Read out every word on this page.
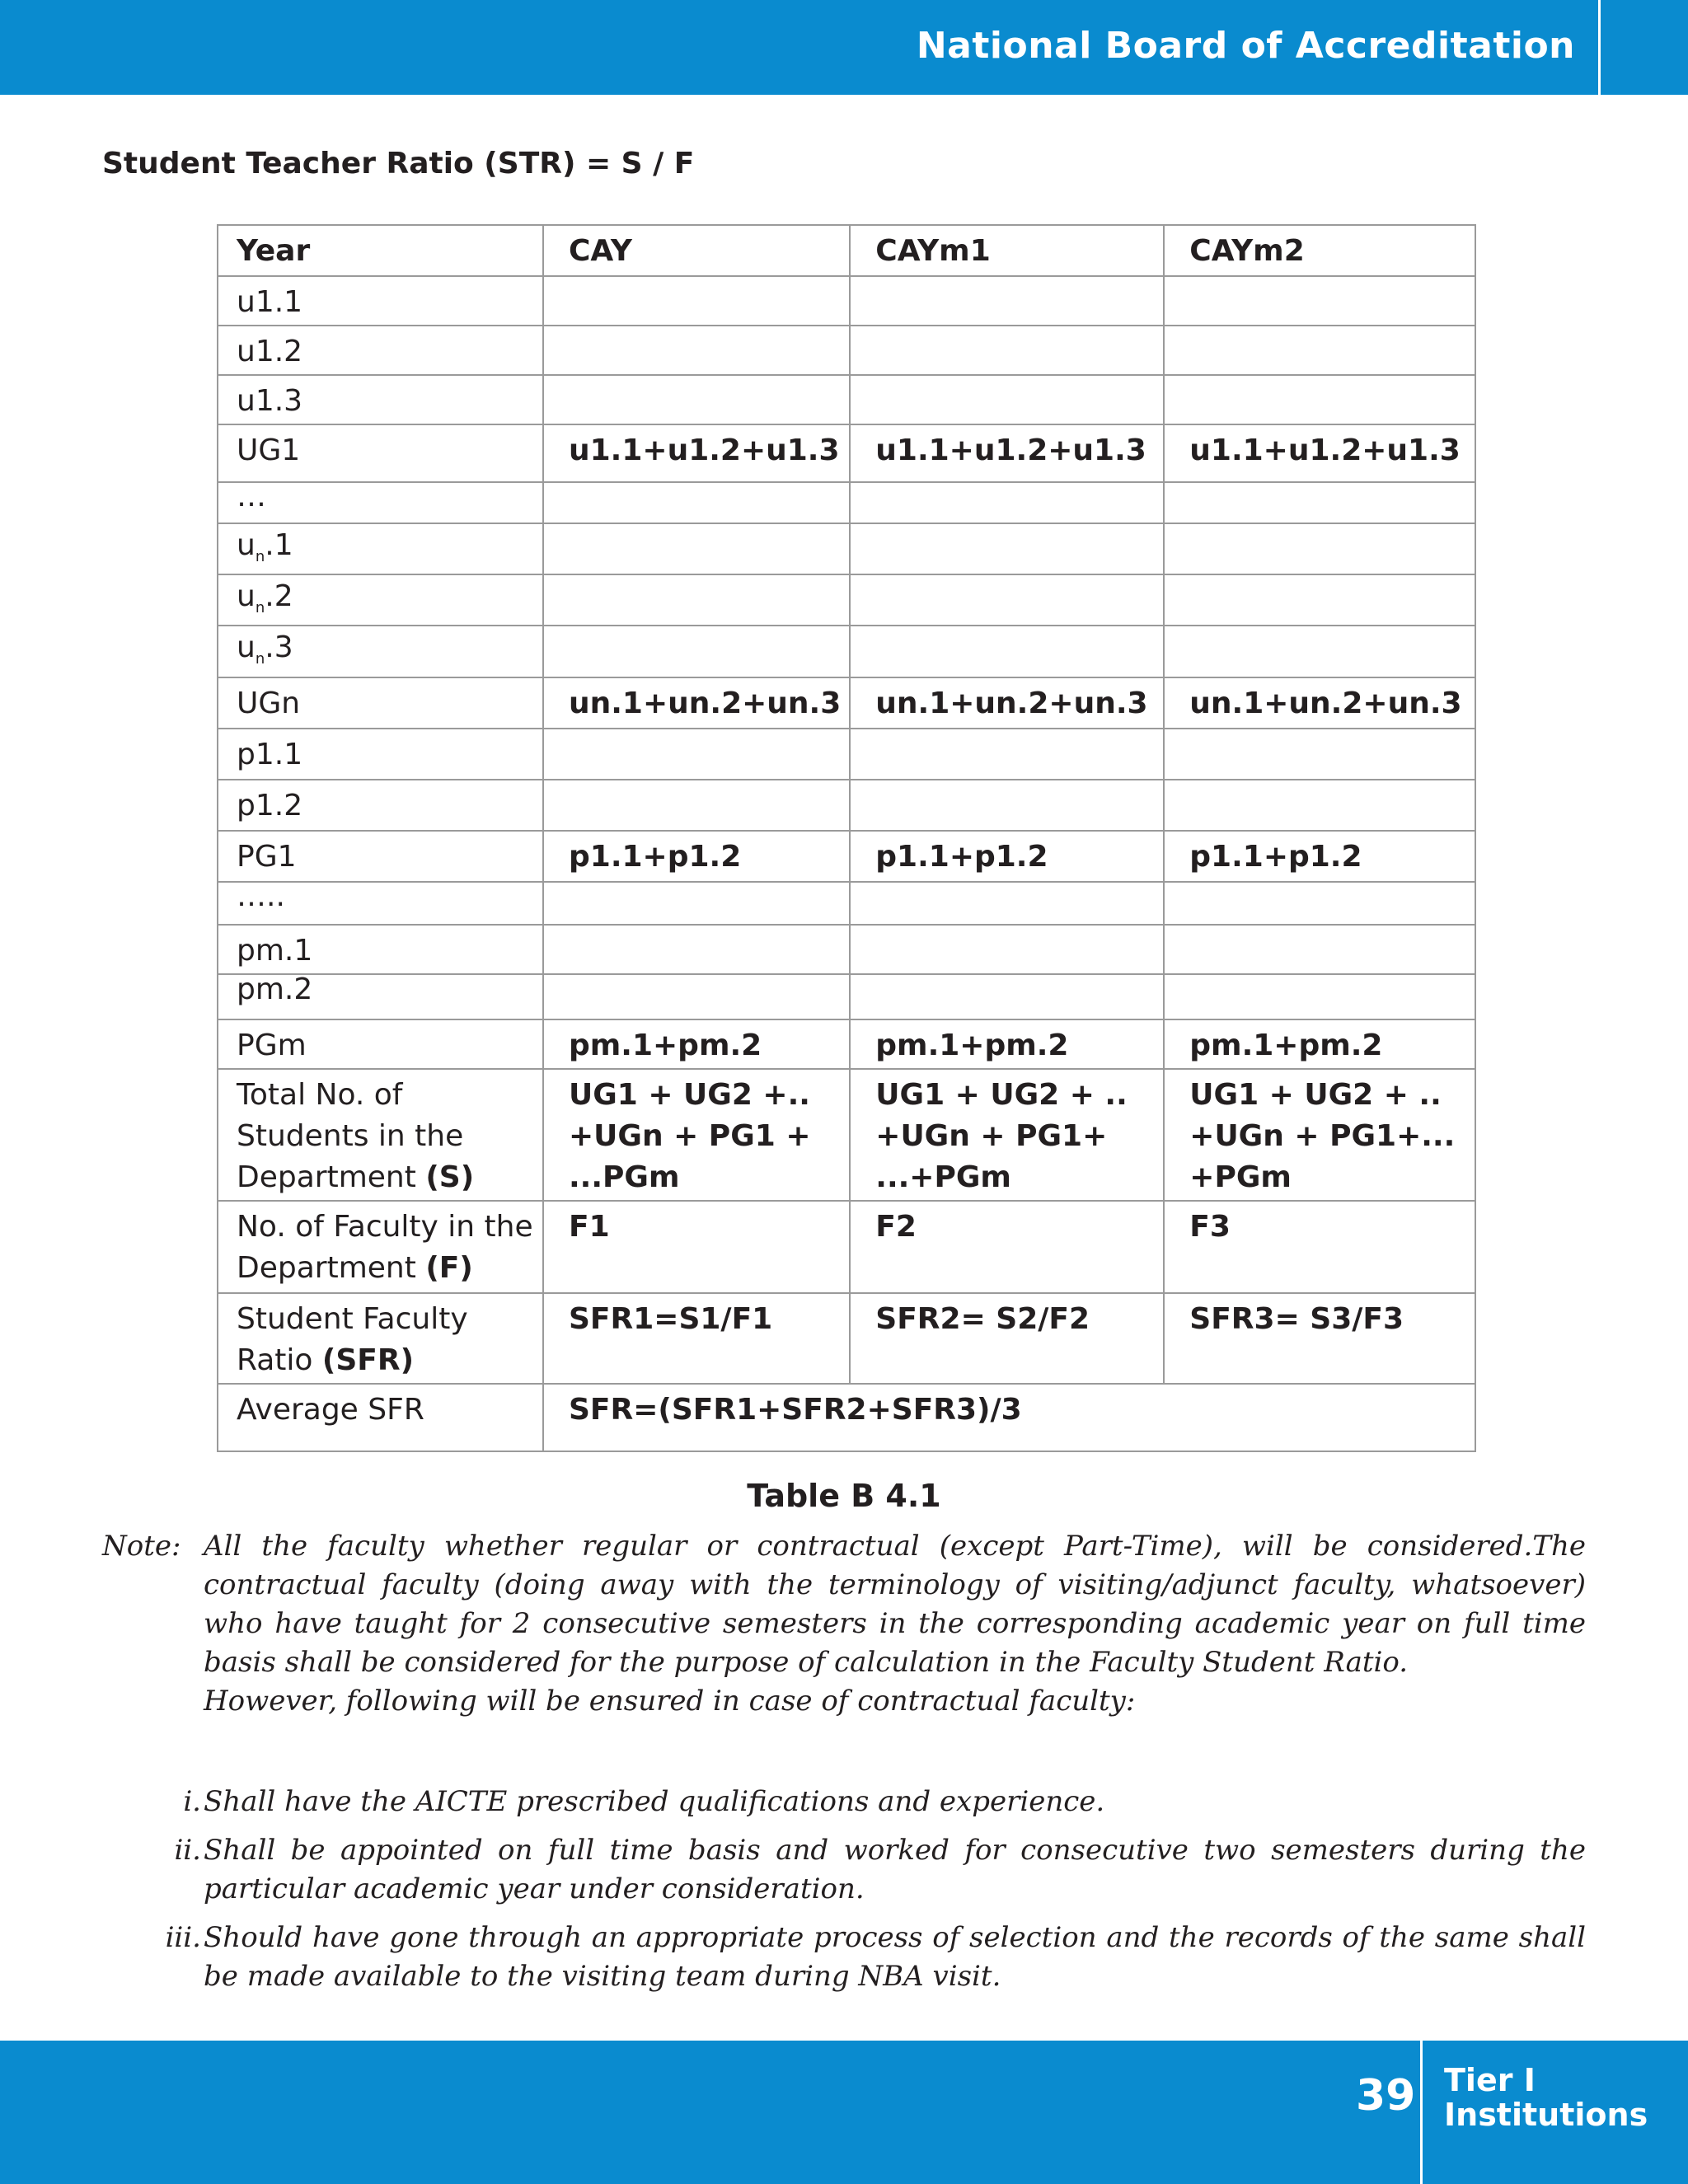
National Board of Accreditation
Student Teacher Ratio (STR) = S / F
Year	CAY	CAYm1	CAYm2
u1.1			
u1.2			
u1.3			
UG1	u1.1+u1.2+u1.3	u1.1+u1.2+u1.3	u1.1+u1.2+u1.3
…			
$u_n.1$			
$u_n.2$			
$u_n.3$			
UGn	un.1+un.2+un.3	un.1+un.2+un.3	un.1+un.2+un.3
p1.1			
p1.2			
PG1	p1.1+p1.2	p1.1+p1.2	p1.1+p1.2
…..			
pm.1			
pm.2			
PGm	pm.1+pm.2	pm.1+pm.2	pm.1+pm.2
Total No. of Students in the Department (S)	UG1 + UG2 +.. +UGn + PG1 + ...PGm	UG1 + UG2 + .. +UGn + PG1+ ...+PGm	UG1 + UG2 + .. +UGn + PG1+... +PGm
No. of Faculty in the Department (F)	F1	F2	F3
Student Faculty Ratio (SFR)	SFR1=S1/F1	SFR2= S2/F2	SFR3= S3/F3
Average SFR	SFR=(SFR1+SFR2+SFR3)/3		
Table B 4.1
Note: All the faculty whether regular or contractual (except Part-Time), will be considered.The contractual faculty (doing away with the terminology of visiting/adjunct faculty, whatsoever) who have taught for 2 consecutive semesters in the corresponding academic year on full time basis shall be considered for the purpose of calculation in the Faculty Student Ratio.

However, following will be ensured in case of contractual faculty:

i. Shall have the AICTE prescribed qualifications and experience.
ii. Shall be appointed on full time basis and worked for consecutive two semesters during the particular academic year under consideration.
iii. Should have gone through an appropriate process of selection and the records of the same shall be made available to the visiting team during NBA visit.
39 Tier I
Institutions
